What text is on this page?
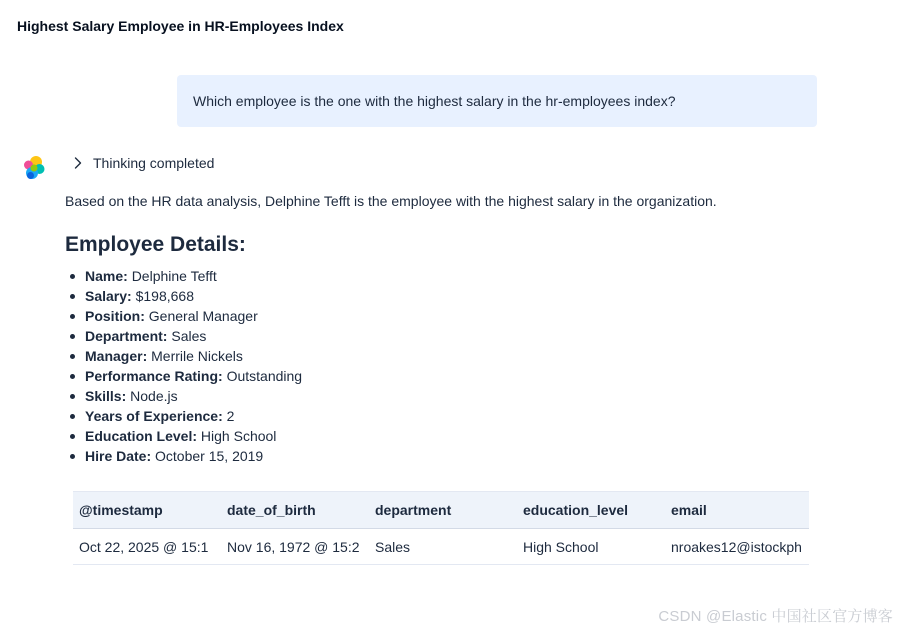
Highest Salary Employee in HR-Employees Index
Which employee is the one with the highest salary in the hr-employees index?
Thinking completed

Based on the HR data analysis, Delphine Tefft is the employee with the highest salary in the organization.

Employee Details:
Name: Delphine Tefft
Salary: $198,668
Position: General Manager
Department: Sales
Manager: Merrile Nickels
Performance Rating: Outstanding
Skills: Node.js
Years of Experience: 2
Education Level: High School
Hire Date: October 15, 2019
@timestamp	date_of_birth	department	education_level	email
Oct 22, 2025 @ 15:1	Nov 16, 1972 @ 15:2	Sales	High School	nroakes12@istockph
CSDN @Elastic 中国社区官方博客
